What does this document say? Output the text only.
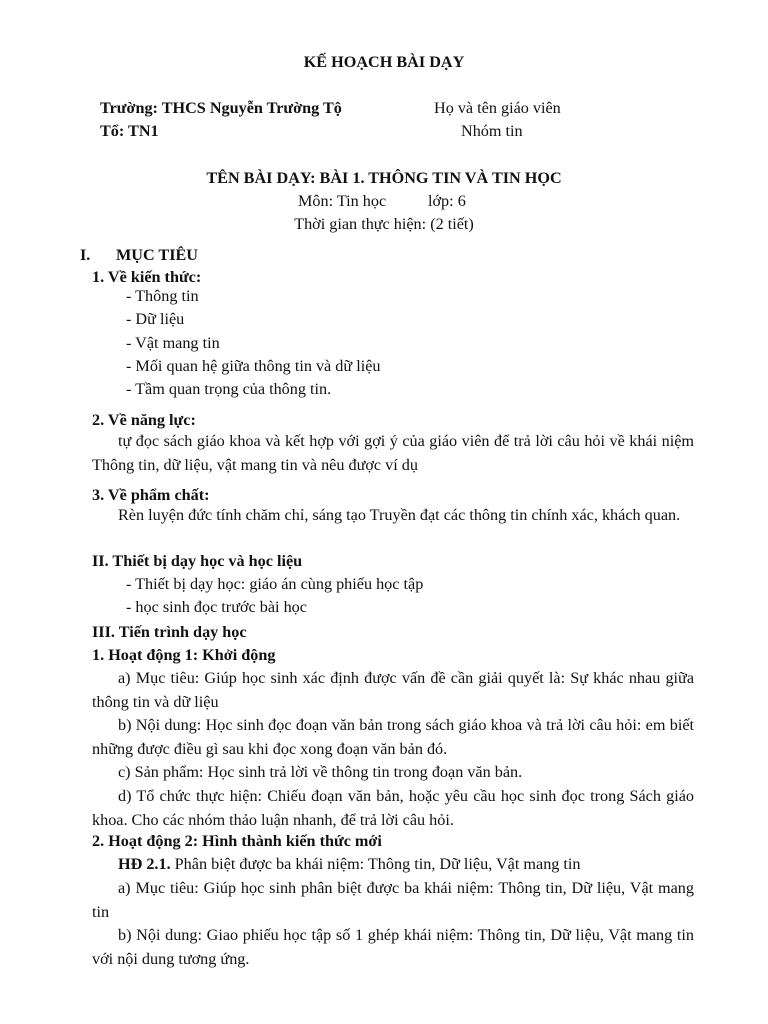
KẾ HOẠCH BÀI DẠY
Trường: THCS Nguyễn Trường Tộ	Họ và tên giáo viên
Tổ: TN1	Nhóm tin
TÊN BÀI DẠY: BÀI 1. THÔNG TIN VÀ TIN HỌC
Môn: Tin học	lớp: 6
Thời gian thực hiện: (2 tiết)
I. MỤC TIÊU
1. Về kiến thức:
- Thông tin
- Dữ liệu
- Vật mang tin
- Mối quan hệ giữa thông tin và dữ liệu
- Tầm quan trọng của thông tin.
2. Về năng lực:
tự đọc sách giáo khoa và kết hợp với gợi ý của giáo viên để trả lời câu hỏi về khái niệm Thông tin, dữ liệu, vật mang tin và nêu được ví dụ
3. Về phẩm chất:
Rèn luyện đức tính chăm chỉ, sáng tạo Truyền đạt các thông tin chính xác, khách quan.
II. Thiết bị dạy học và học liệu
- Thiết bị dạy học: giáo án cùng phiếu học tập
- học sinh đọc trước bài học
III. Tiến trình dạy học
1. Hoạt động 1: Khởi động
a) Mục tiêu: Giúp học sinh xác định được vấn đề cần giải quyết là: Sự khác nhau giữa thông tin và dữ liệu
b) Nội dung: Học sinh đọc đoạn văn bản trong sách giáo khoa và trả lời câu hỏi: em biết những được điều gì sau khi đọc xong đoạn văn bản đó.
c) Sản phẩm: Học sinh trả lời về thông tin trong đoạn văn bản.
d) Tổ chức thực hiện: Chiếu đoạn văn bản, hoặc yêu cầu học sinh đọc trong Sách giáo khoa. Cho các nhóm thảo luận nhanh, để trả lời câu hỏi.
2. Hoạt động 2: Hình thành kiến thức mới
HĐ 2.1. Phân biệt được ba khái niệm: Thông tin, Dữ liệu, Vật mang tin
a) Mục tiêu: Giúp học sinh phân biệt được ba khái niệm: Thông tin, Dữ liệu, Vật mang tin
b) Nội dung: Giao phiếu học tập số 1 ghép khái niệm: Thông tin, Dữ liệu, Vật mang tin với nội dung tương ứng.
